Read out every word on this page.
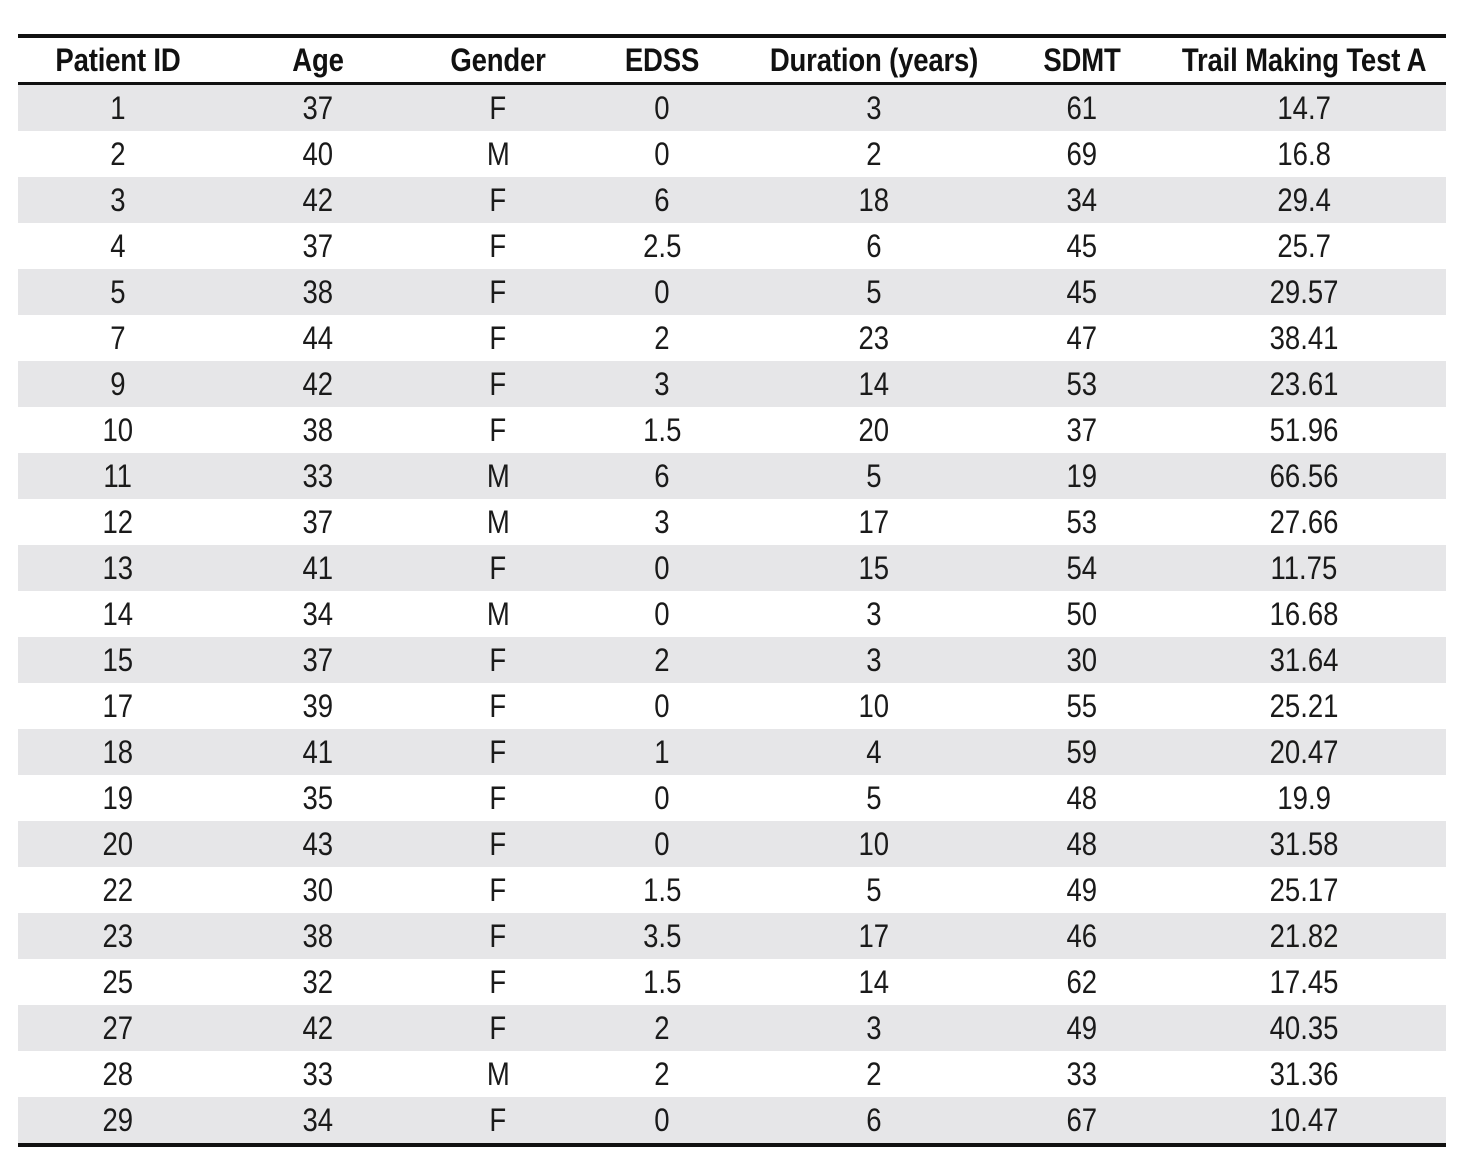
Patient ID	Age	Gender	EDSS	Duration (years)	SDMT	Trail Making Test A
1	37	F	0	3	61	14.7
2	40	M	0	2	69	16.8
3	42	F	6	18	34	29.4
4	37	F	2.5	6	45	25.7
5	38	F	0	5	45	29.57
7	44	F	2	23	47	38.41
9	42	F	3	14	53	23.61
10	38	F	1.5	20	37	51.96
11	33	M	6	5	19	66.56
12	37	M	3	17	53	27.66
13	41	F	0	15	54	11.75
14	34	M	0	3	50	16.68
15	37	F	2	3	30	31.64
17	39	F	0	10	55	25.21
18	41	F	1	4	59	20.47
19	35	F	0	5	48	19.9
20	43	F	0	10	48	31.58
22	30	F	1.5	5	49	25.17
23	38	F	3.5	17	46	21.82
25	32	F	1.5	14	62	17.45
27	42	F	2	3	49	40.35
28	33	M	2	2	33	31.36
29	34	F	0	6	67	10.47
